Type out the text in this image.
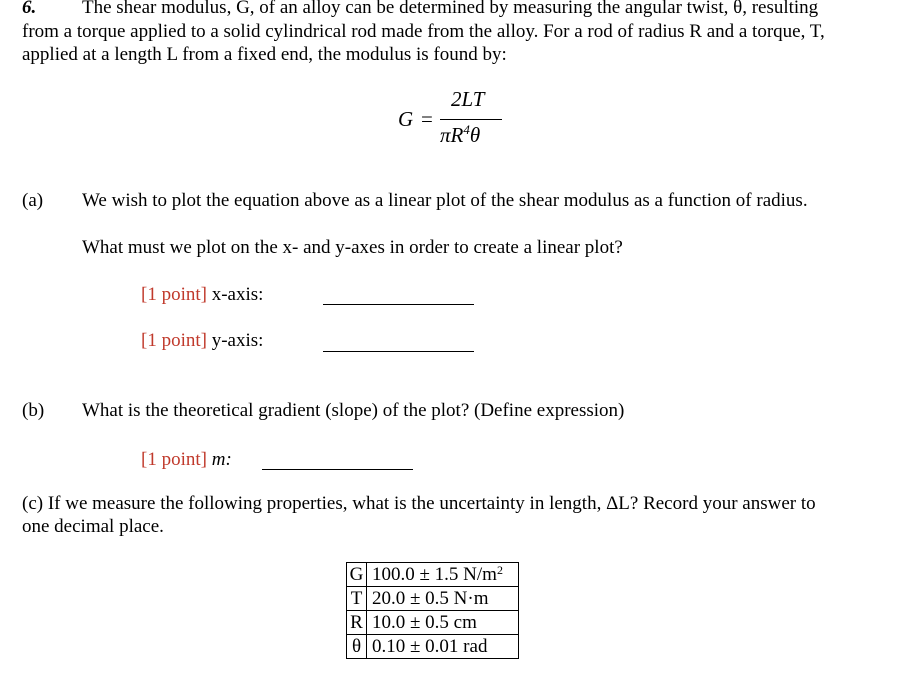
6. The shear modulus, G, of an alloy can be determined by measuring the angular twist, θ, resulting
from a torque applied to a solid cylindrical rod made from the alloy. For a rod of radius R and a torque, T,
applied at a length L from a fixed end, the modulus is found by:
G =
2LT
$\pi R^4\theta$
(a) We wish to plot the equation above as a linear plot of the shear modulus as a function of radius.
What must we plot on the x- and y-axes in order to create a linear plot?
[1 point] x-axis:
[1 point] y-axis:
(b) What is the theoretical gradient (slope) of the plot? (Define expression)
[1 point] m:
(c) If we measure the following properties, what is the uncertainty in length, ΔL? Record your answer to
one decimal place.
G	100.0 ± 1.5 $N/m^2$
T	20.0 ± 0.5 N·m
R	10.0 ± 0.5 cm
θ	0.10 ± 0.01 rad
